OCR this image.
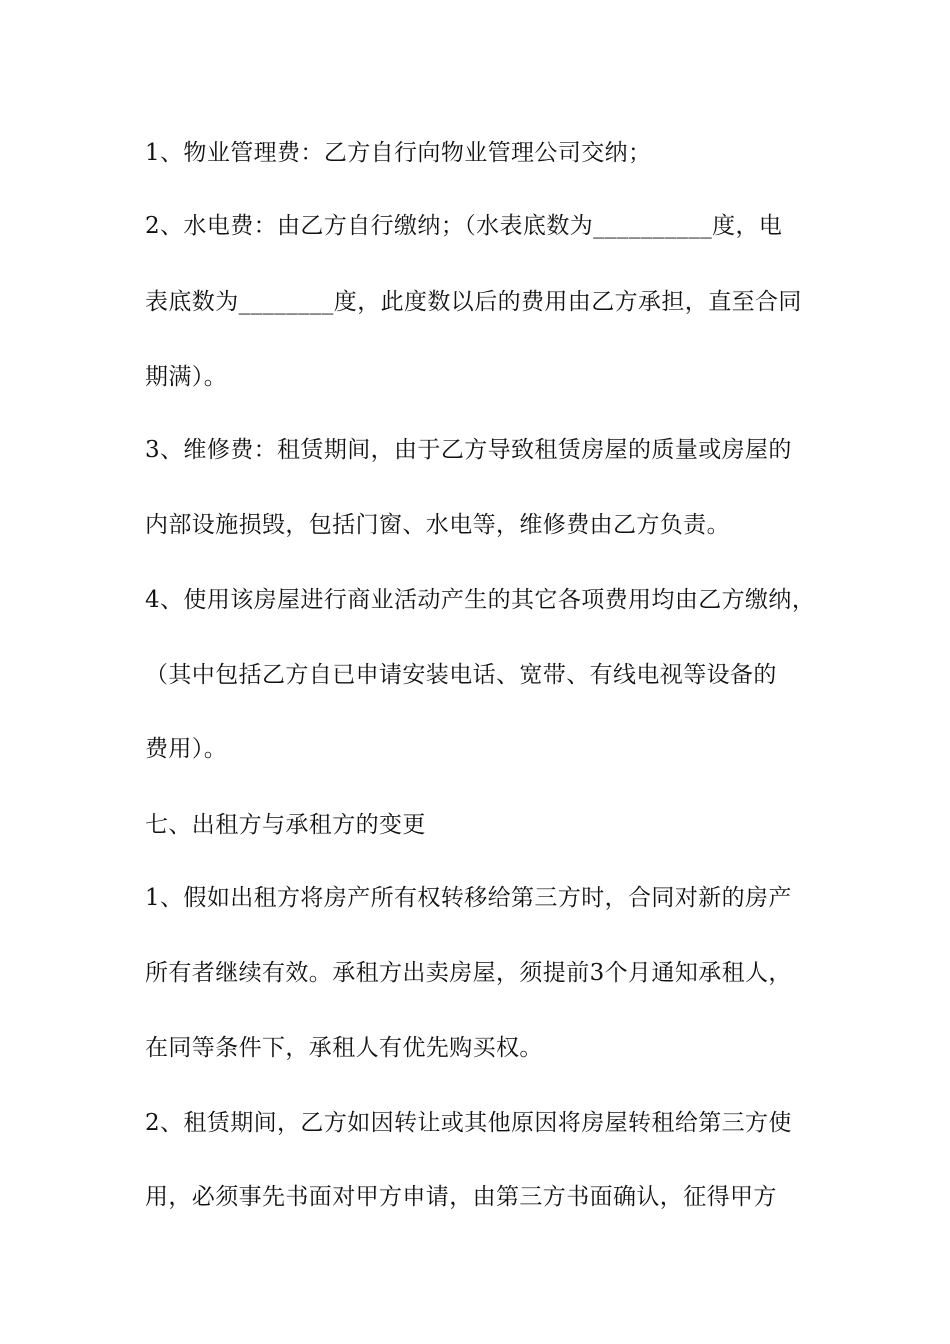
1、物业管理费：乙方自行向物业管理公司交纳；
2、水电费：由乙方自行缴纳；（水表底数为__________度，电
表底数为________度，此度数以后的费用由乙方承担，直至合同
期满）。
3、维修费：租赁期间，由于乙方导致租赁房屋的质量或房屋的
内部设施损毁，包括门窗、水电等，维修费由乙方负责。
4、使用该房屋进行商业活动产生的其它各项费用均由乙方缴纳，
（其中包括乙方自已申请安装电话、宽带、有线电视等设备的
费用）。
七、出租方与承租方的变更
1、假如出租方将房产所有权转移给第三方时，合同对新的房产
所有者继续有效。承租方出卖房屋，须提前3个月通知承租人，
在同等条件下，承租人有优先购买权。
2、租赁期间，乙方如因转让或其他原因将房屋转租给第三方使
用，必须事先书面对甲方申请，由第三方书面确认，征得甲方
